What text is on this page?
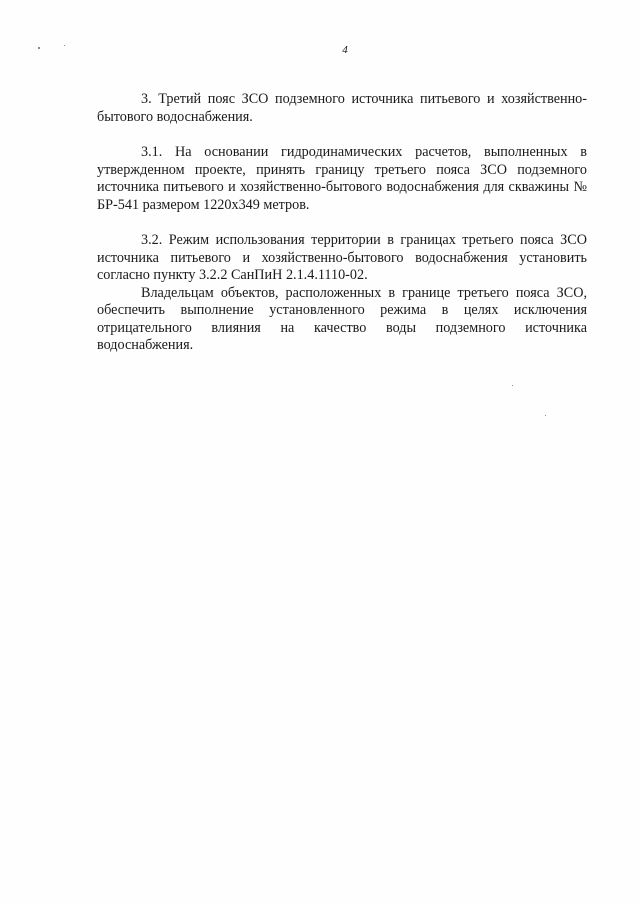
4

3. Третий пояс ЗСО подземного источника питьевого и хозяйственно-бытового водоснабжения.

3.1. На основании гидродинамических расчетов, выполненных в утвержденном проекте, принять границу третьего пояса ЗСО подземного источника питьевого и хозяйственно-бытового водоснабжения для скважины № БР-541 размером 1220х349 метров.

3.2. Режим использования территории в границах третьего пояса ЗСО источника питьевого и хозяйственно-бытового водоснабжения установить согласно пункту 3.2.2 СанПиН 2.1.4.1110-02.

Владельцам объектов, расположенных в границе третьего пояса ЗСО, обеспечить выполнение установленного режима в целях исключения отрицательного влияния на качество воды подземного источника водоснабжения.
